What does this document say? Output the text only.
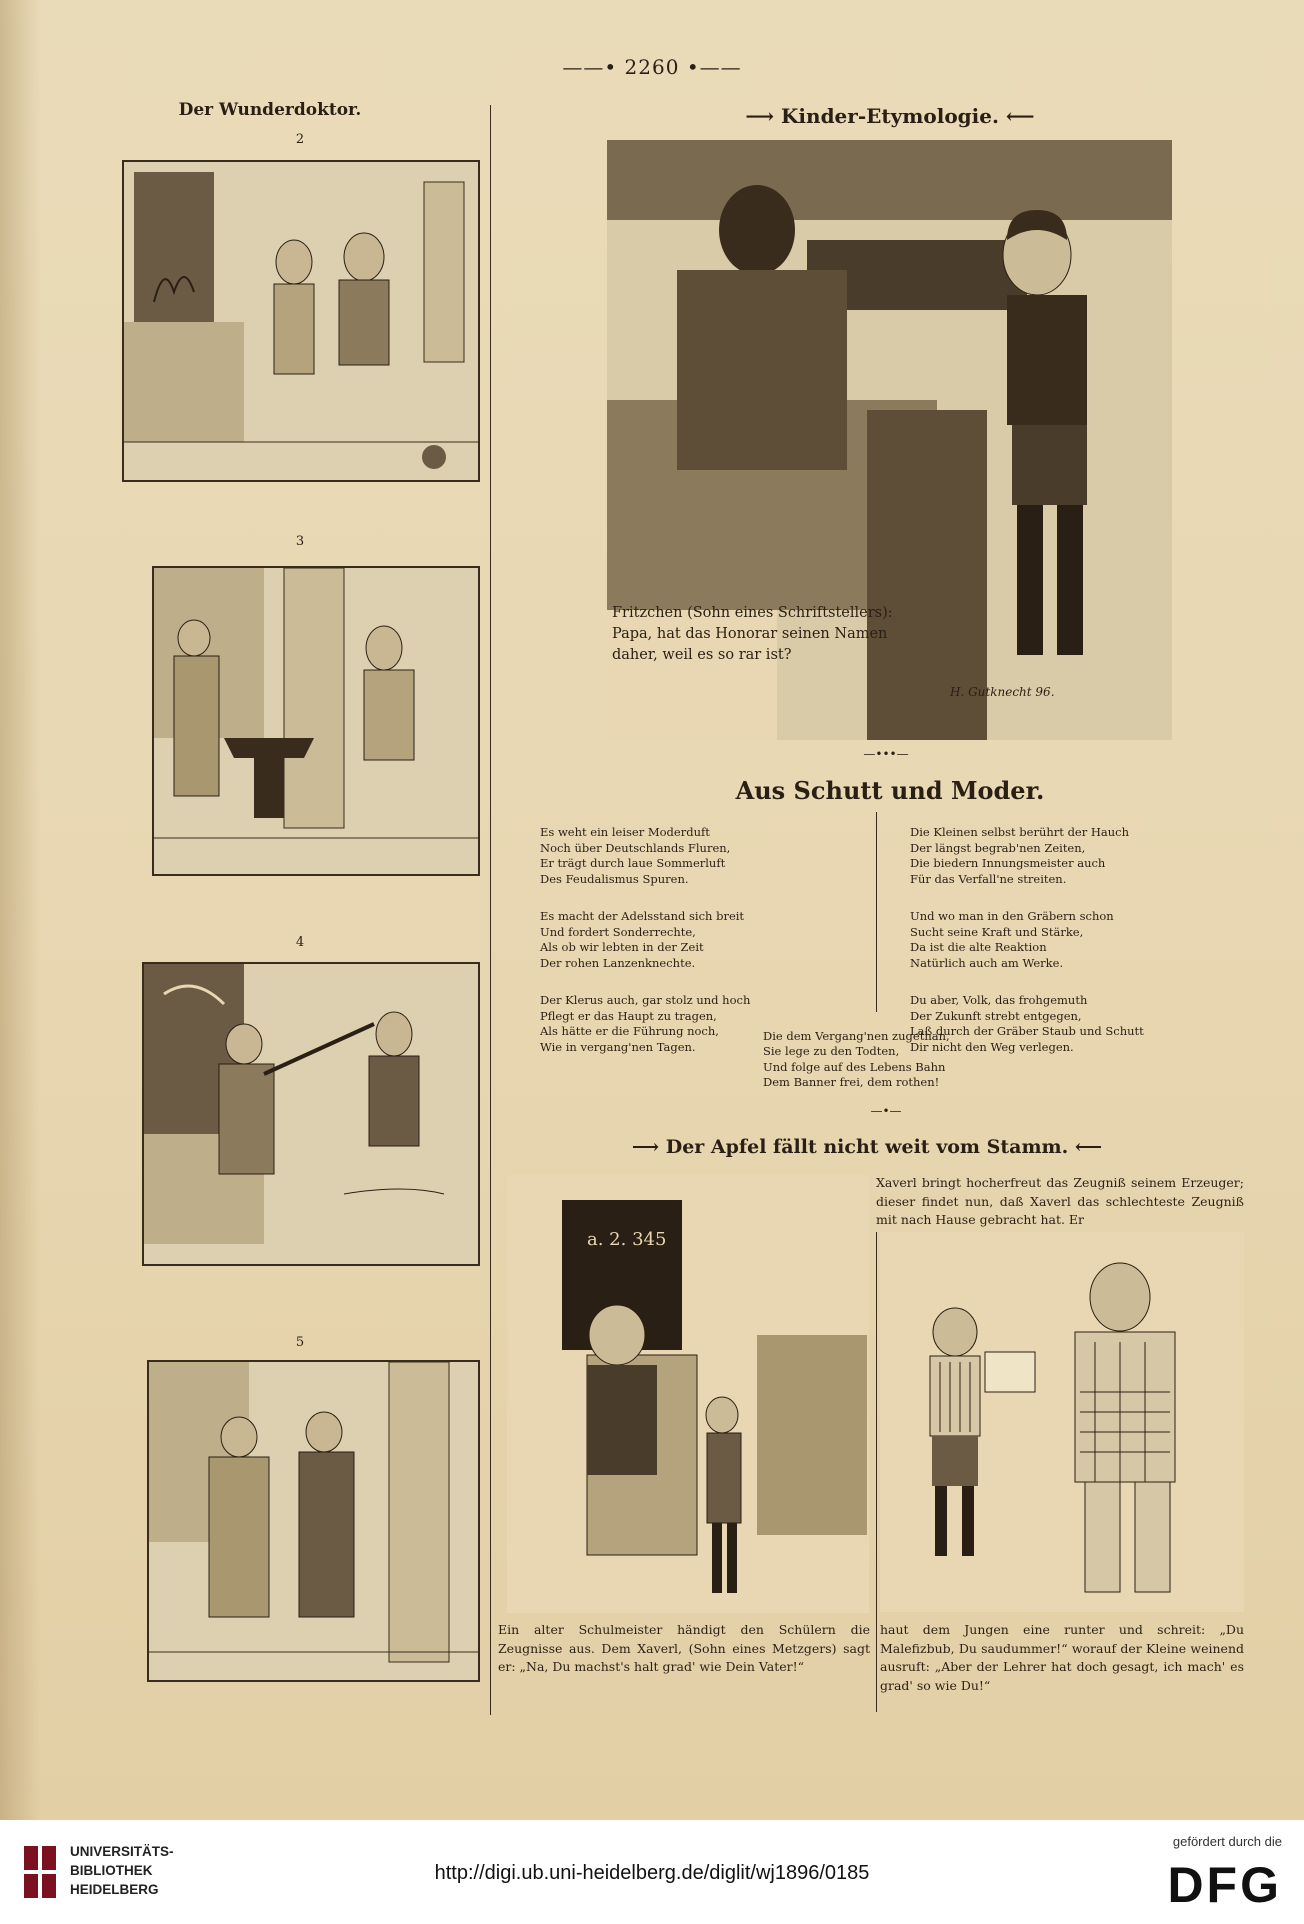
——• 2260 •——
Der Wunderdoktor.
2
3
4
5
⟶ Kinder-Etymologie. ⟵
Fritzchen (Sohn eines Schriftstellers):
Papa, hat das Honorar seinen Namen
daher, weil es so rar ist?
H. Gutknecht 96.
—•••—
Aus Schutt und Moder.

Es weht ein leiser Moderduft
Noch über Deutschlands Fluren,
Er trägt durch laue Sommerluft
Des Feudalismus Spuren.

Es macht der Adelsstand sich breit
Und fordert Sonderrechte,
Als ob wir lebten in der Zeit
Der rohen Lanzenknechte.

Der Klerus auch, gar stolz und hoch
Pflegt er das Haupt zu tragen,
Als hätte er die Führung noch,
Wie in vergang'nen Tagen.

Die Kleinen selbst berührt der Hauch
Der längst begrab'nen Zeiten,
Die biedern Innungsmeister auch
Für das Verfall'ne streiten.

Und wo man in den Gräbern schon
Sucht seine Kraft und Stärke,
Da ist die alte Reaktion
Natürlich auch am Werke.

Du aber, Volk, das frohgemuth
Der Zukunft strebt entgegen,
Laß durch der Gräber Staub und Schutt
Dir nicht den Weg verlegen.

Die dem Vergang'nen zugethan,
Sie lege zu den Todten,
Und folge auf des Lebens Bahn
Dem Banner frei, dem rothen!
—•—
⟶ Der Apfel fällt nicht weit vom Stamm. ⟵
Xaverl bringt hocherfreut das Zeugniß seinem Erzeuger; dieser findet nun, daß Xaverl das schlechteste Zeugniß mit nach Hause gebracht hat. Er
a. 2. 345
Ein alter Schulmeister händigt den Schülern die Zeugnisse aus. Dem Xaverl, (Sohn eines Metzgers) sagt er: „Na, Du machst's halt grad' wie Dein Vater!“
haut dem Jungen eine runter und schreit: „Du Malefizbub, Du saudummer!“ worauf der Kleine weinend ausruft: „Aber der Lehrer hat doch gesagt, ich mach' es grad' so wie Du!“
UNIVERSITÄTS-
BIBLIOTHEK
HEIDELBERG
http://digi.ub.uni-heidelberg.de/diglit/wj1896/0185
gefördert durch die
DFG
